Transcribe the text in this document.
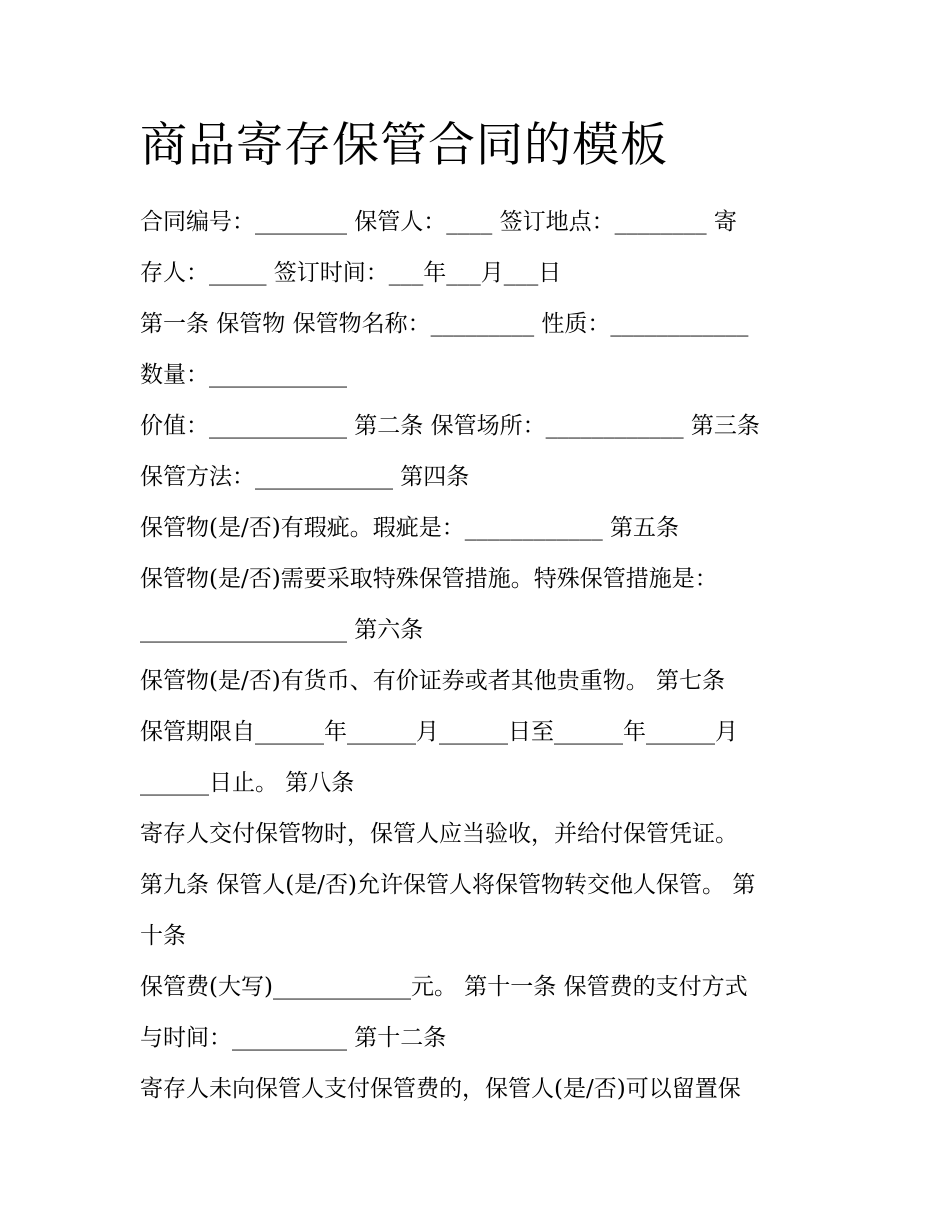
商品寄存保管合同的模板
合同编号：________ 保管人：____ 签订地点：________ 寄
存人：_____ 签订时间：___年___月___日
第一条 保管物 保管物名称：_________ 性质：____________
数量：____________
价值：____________ 第二条 保管场所：____________ 第三条
保管方法：____________ 第四条
保管物(是/否)有瑕疵。瑕疵是：____________ 第五条
保管物(是/否)需要采取特殊保管措施。特殊保管措施是：
__________________ 第六条
保管物(是/否)有货币、有价证券或者其他贵重物。 第七条
保管期限自______年______月______日至______年______月
______日止。 第八条
寄存人交付保管物时，保管人应当验收，并给付保管凭证。
第九条 保管人(是/否)允许保管人将保管物转交他人保管。 第
十条
保管费(大写)____________元。 第十一条 保管费的支付方式
与时间：__________ 第十二条
寄存人未向保管人支付保管费的，保管人(是/否)可以留置保
